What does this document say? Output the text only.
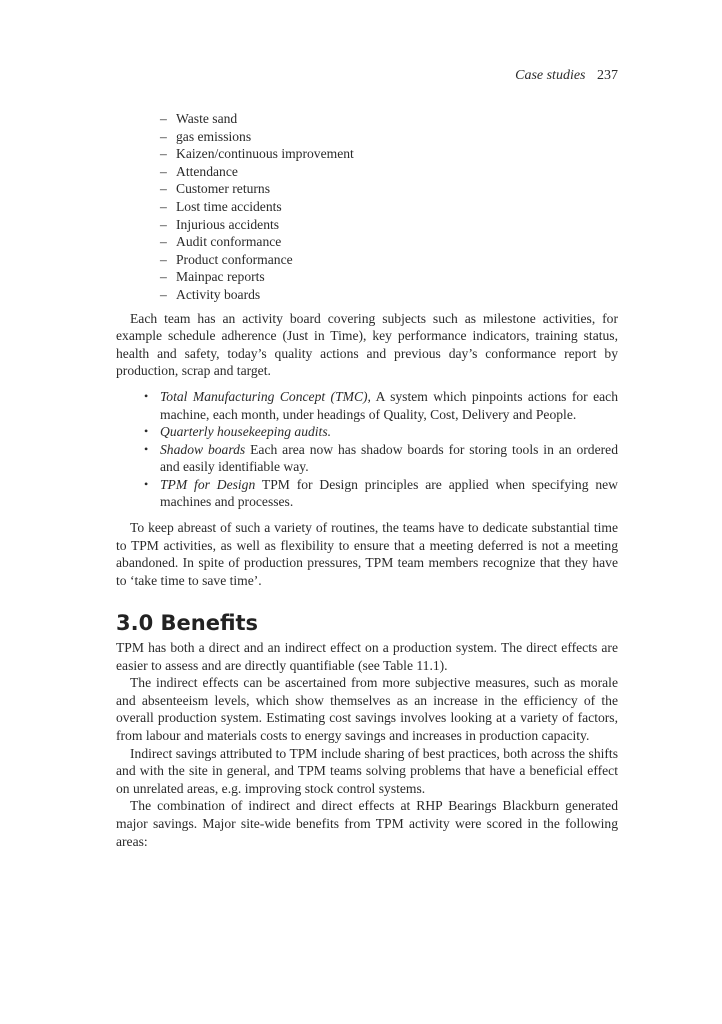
Case studies 237
– Waste sand
– gas emissions
– Kaizen/continuous improvement
– Attendance
– Customer returns
– Lost time accidents
– Injurious accidents
– Audit conformance
– Product conformance
– Mainpac reports
– Activity boards

Each team has an activity board covering subjects such as milestone activities, for example schedule adherence (Just in Time), key performance indicators, training status, health and safety, today’s quality actions and previous day’s conformance report by production, scrap and target.

• Total Manufacturing Concept (TMC), A system which pinpoints actions for each machine, each month, under headings of Quality, Cost, Delivery and People.
• Quarterly housekeeping audits.
• Shadow boards Each area now has shadow boards for storing tools in an ordered and easily identifiable way.
• TPM for Design TPM for Design principles are applied when specifying new machines and processes.

To keep abreast of such a variety of routines, the teams have to dedicate substantial time to TPM activities, as well as flexibility to ensure that a meeting deferred is not a meeting abandoned. In spite of production pressures, TPM team members recognize that they have to ‘take time to save time’.

3.0 Benefits

TPM has both a direct and an indirect effect on a production system. The direct effects are easier to assess and are directly quantifiable (see Table 11.1).

The indirect effects can be ascertained from more subjective measures, such as morale and absenteeism levels, which show themselves as an increase in the efficiency of the overall production system. Estimating cost savings involves looking at a variety of factors, from labour and materials costs to energy savings and increases in production capacity.

Indirect savings attributed to TPM include sharing of best practices, both across the shifts and with the site in general, and TPM teams solving problems that have a beneficial effect on unrelated areas, e.g. improving stock control systems.

The combination of indirect and direct effects at RHP Bearings Blackburn generated major savings. Major site-wide benefits from TPM activity were scored in the following areas:
